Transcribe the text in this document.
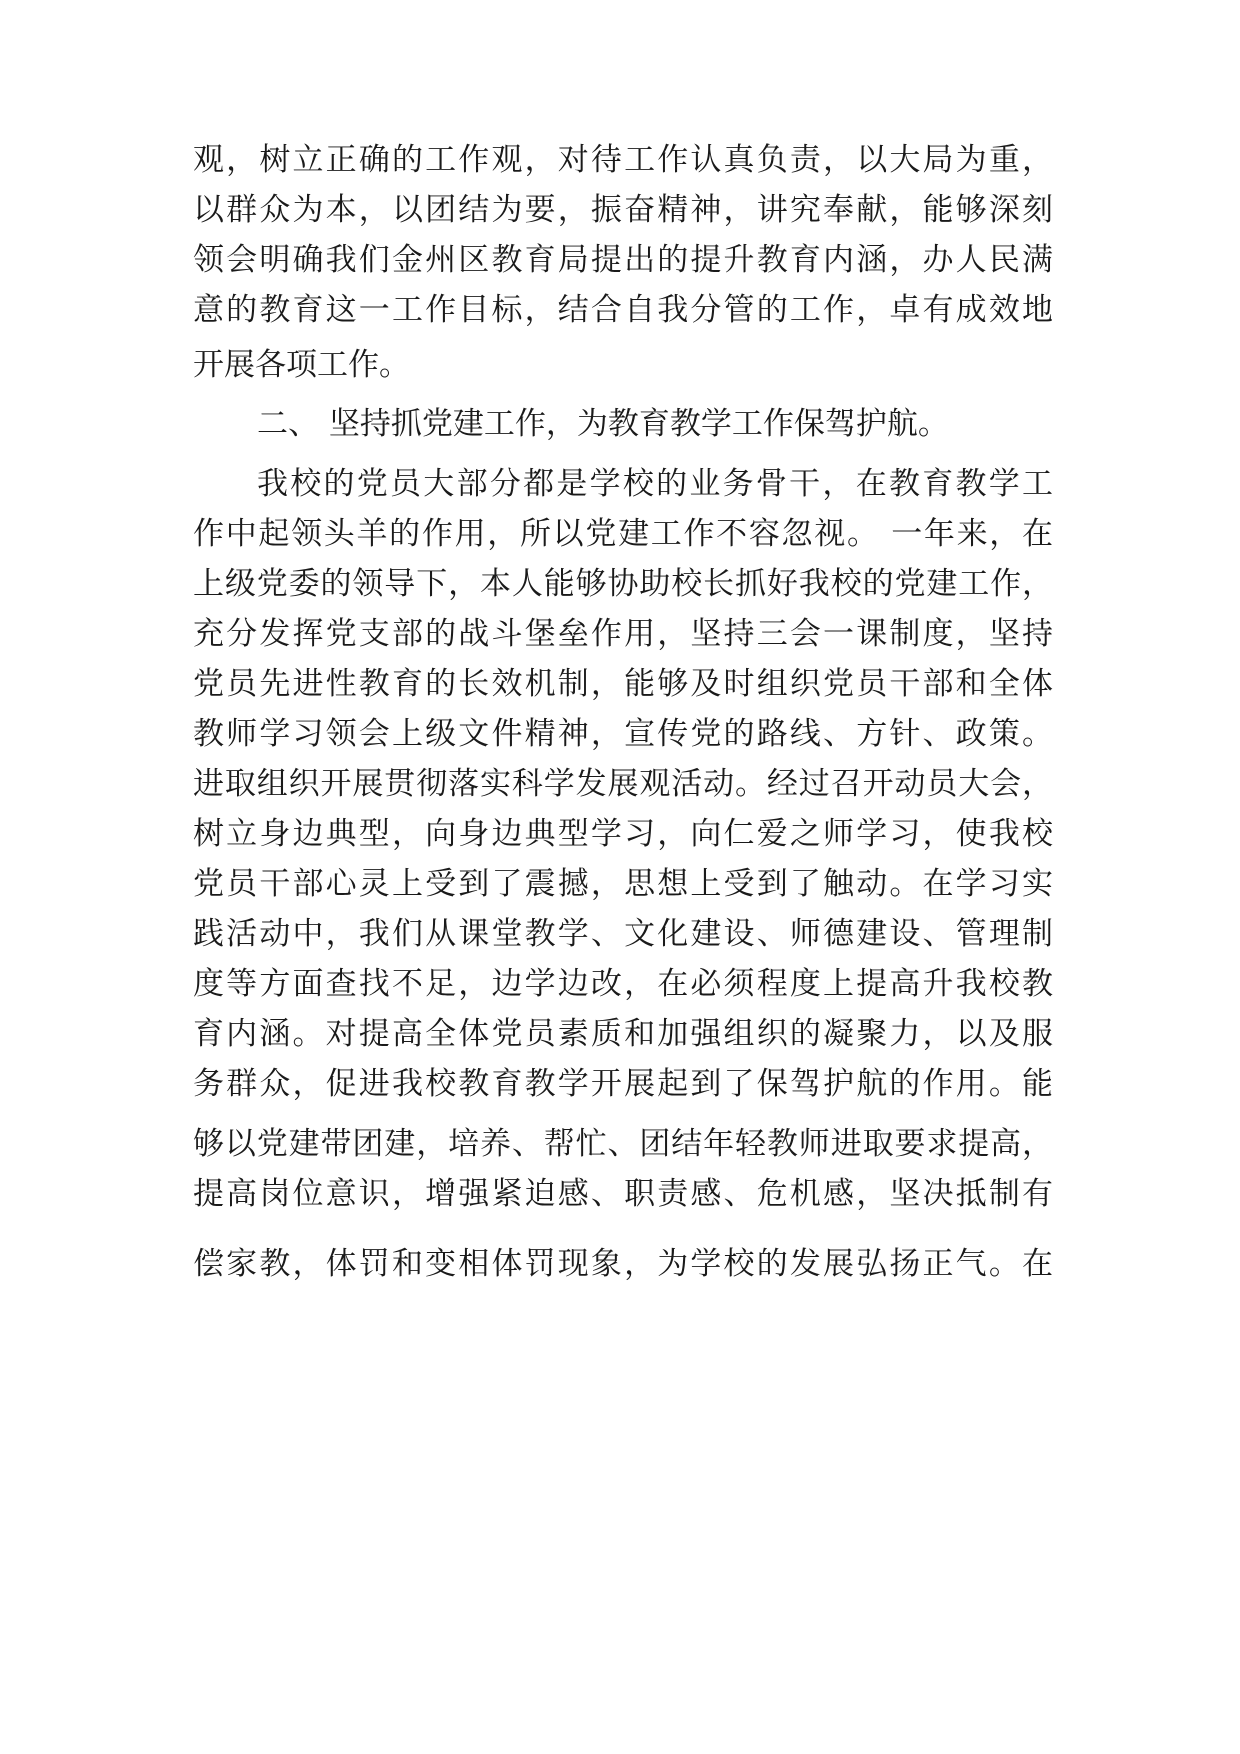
观，树立正确的工作观，对待工作认真负责，以大局为重，
以群众为本，以团结为要，振奋精神，讲究奉献，能够深刻
领会明确我们金州区教育局提出的提升教育内涵，办人民满
意的教育这一工作目标，结合自我分管的工作，卓有成效地
开展各项工作。
二、 坚持抓党建工作，为教育教学工作保驾护航。
我校的党员大部分都是学校的业务骨干，在教育教学工
作中起领头羊的作用，所以党建工作不容忽视。 一年来，在
上级党委的领导下，本人能够协助校长抓好我校的党建工作，
充分发挥党支部的战斗堡垒作用，坚持三会一课制度，坚持
党员先进性教育的长效机制，能够及时组织党员干部和全体
教师学习领会上级文件精神，宣传党的路线、方针、政策。
进取组织开展贯彻落实科学发展观活动。经过召开动员大会，
树立身边典型，向身边典型学习，向仁爱之师学习，使我校
党员干部心灵上受到了震撼，思想上受到了触动。在学习实
践活动中，我们从课堂教学、文化建设、师德建设、管理制
度等方面查找不足，边学边改，在必须程度上提高升我校教
育内涵。对提高全体党员素质和加强组织的凝聚力，以及服
务群众，促进我校教育教学开展起到了保驾护航的作用。能
够以党建带团建，培养、帮忙、团结年轻教师进取要求提高，
提高岗位意识，增强紧迫感、职责感、危机感，坚决抵制有
偿家教，体罚和变相体罚现象，为学校的发展弘扬正气。在
